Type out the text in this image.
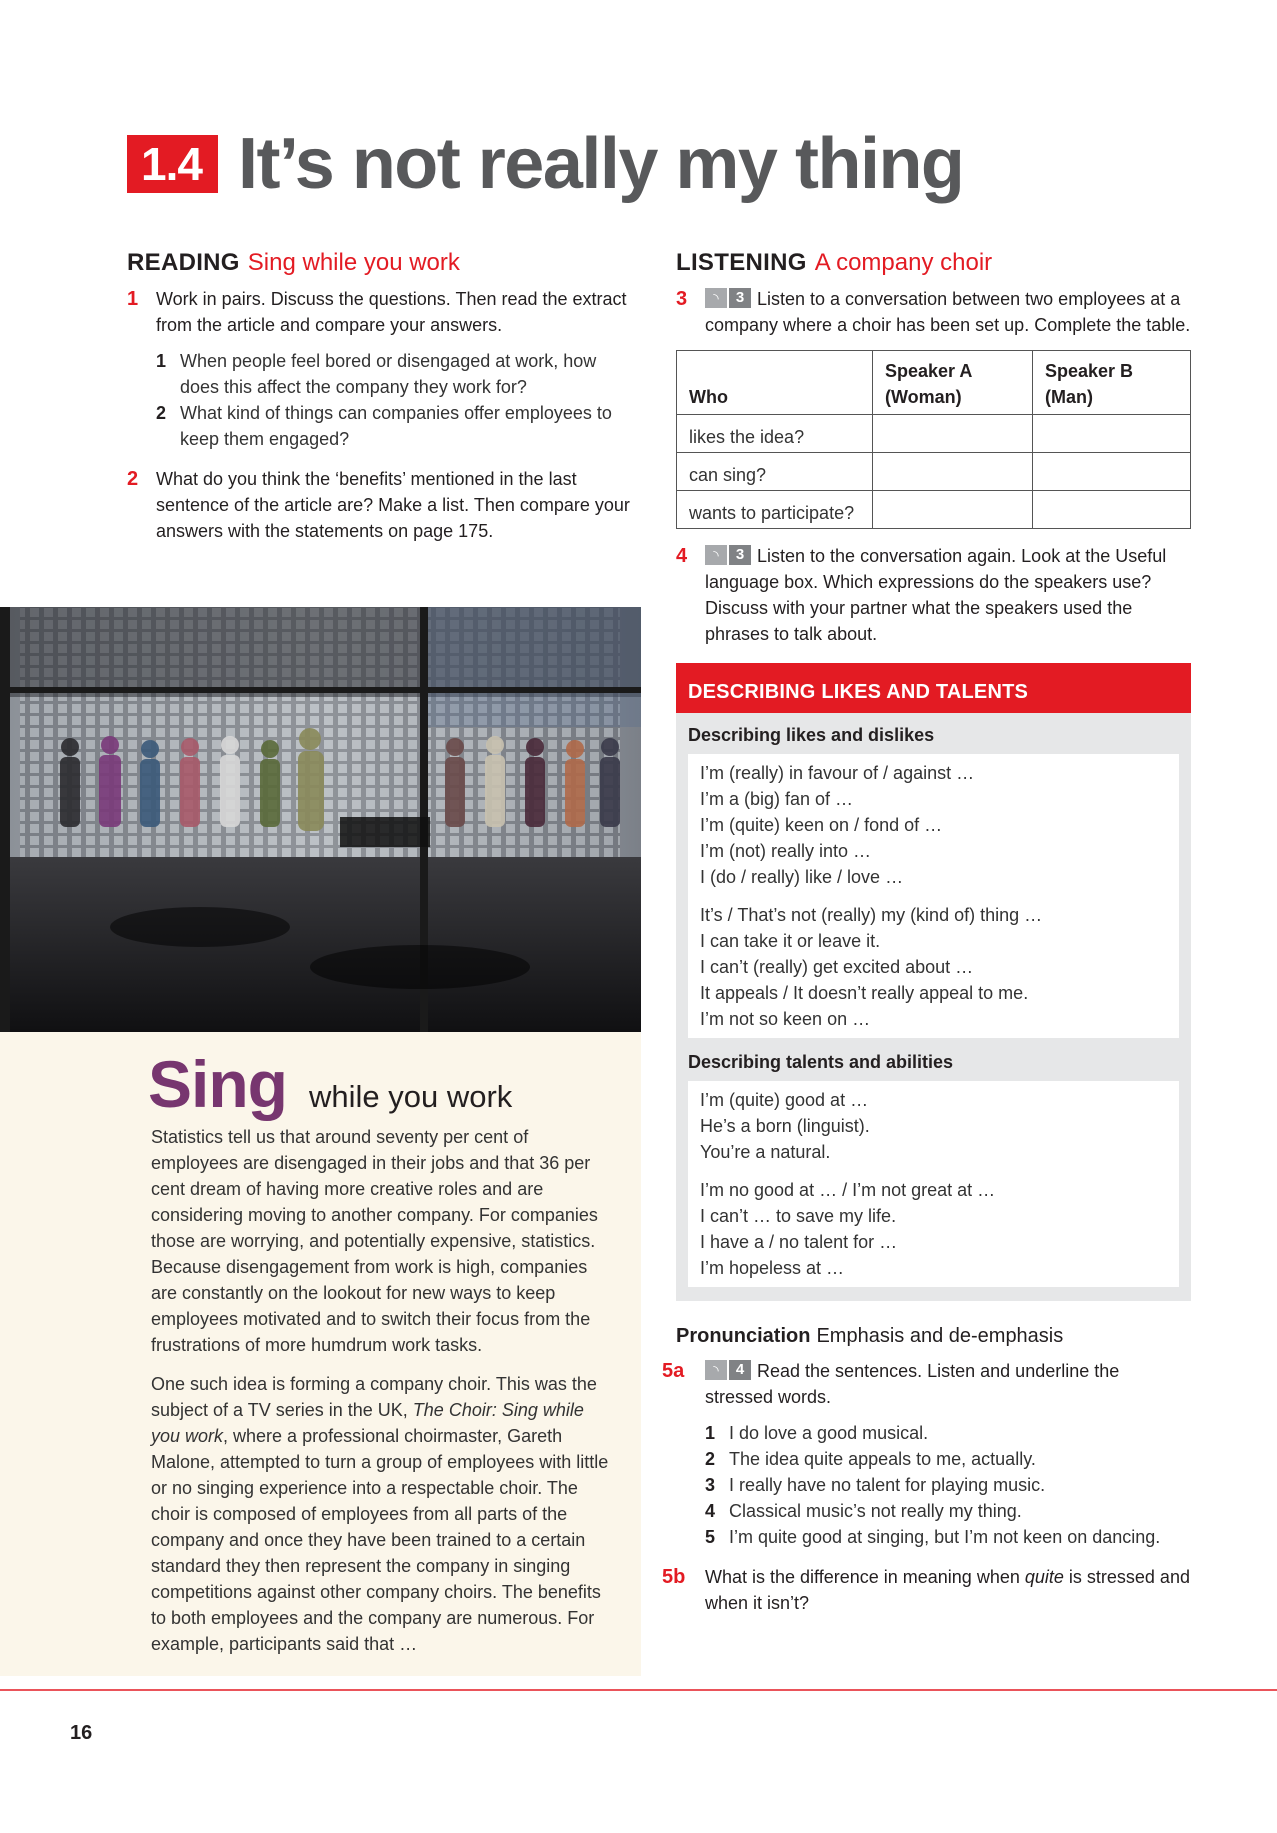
1.4 It’s not really my thing
READING Sing while you work
1 Work in pairs. Discuss the questions. Then read the extract from the article and compare your answers.
1 When people feel bored or disengaged at work, how does this affect the company they work for?
2 What kind of things can companies offer employees to keep them engaged?
2 What do you think the ‘benefits’ mentioned in the last sentence of the article are? Make a list. Then compare your answers with the statements on page 175.
Sing while you work

Statistics tell us that around seventy per cent of employees are disengaged in their jobs and that 36 per cent dream of having more creative roles and are considering moving to another company. For companies those are worrying, and potentially expensive, statistics. Because disengagement from work is high, companies are constantly on the lookout for new ways to keep employees motivated and to switch their focus from the frustrations of more humdrum work tasks.

One such idea is forming a company choir. This was the subject of a TV series in the UK, The Choir: Sing while you work, where a professional choirmaster, Gareth Malone, attempted to turn a group of employees with little or no singing experience into a respectable choir. The choir is composed of employees from all parts of the company and once they have been trained to a certain standard they then represent the company in singing competitions against other company choirs. The benefits to both employees and the company are numerous. For example, participants said that …

LISTENING A company choir
3	◝	3 Listen to a conversation between two employees at a company where a choir has been set up. Complete the table.
Who	Speaker A (Woman)	Speaker B (Man)
likes the idea?		
can sing?		
wants to participate?		
4	◝	3 Listen to the conversation again. Look at the Useful language box. Which expressions do the speakers use? Discuss with your partner what the speakers used the phrases to talk about.
DESCRIBING LIKES AND TALENTS
Describing likes and dislikes
I’m (really) in favour of / against …
I’m a (big) fan of …
I’m (quite) keen on / fond of …
I’m (not) really into …
I (do / really) like / love …
It’s / That’s not (really) my (kind of) thing …
I can take it or leave it.
I can’t (really) get excited about …
It appeals / It doesn’t really appeal to me.
I’m not so keen on …
Describing talents and abilities
I’m (quite) good at …
He’s a born (linguist).
You’re a natural.
I’m no good at … / I’m not great at …
I can’t … to save my life.
I have a / no talent for …
I’m hopeless at …
Pronunciation Emphasis and de-emphasis
5a	◝	4 Read the sentences. Listen and underline the stressed words.
1 I do love a good musical.
2 The idea quite appeals to me, actually.
3 I really have no talent for playing music.
4 Classical music’s not really my thing.
5 I’m quite good at singing, but I’m not keen on dancing.
5b What is the difference in meaning when quite is stressed and when it isn’t?
16
